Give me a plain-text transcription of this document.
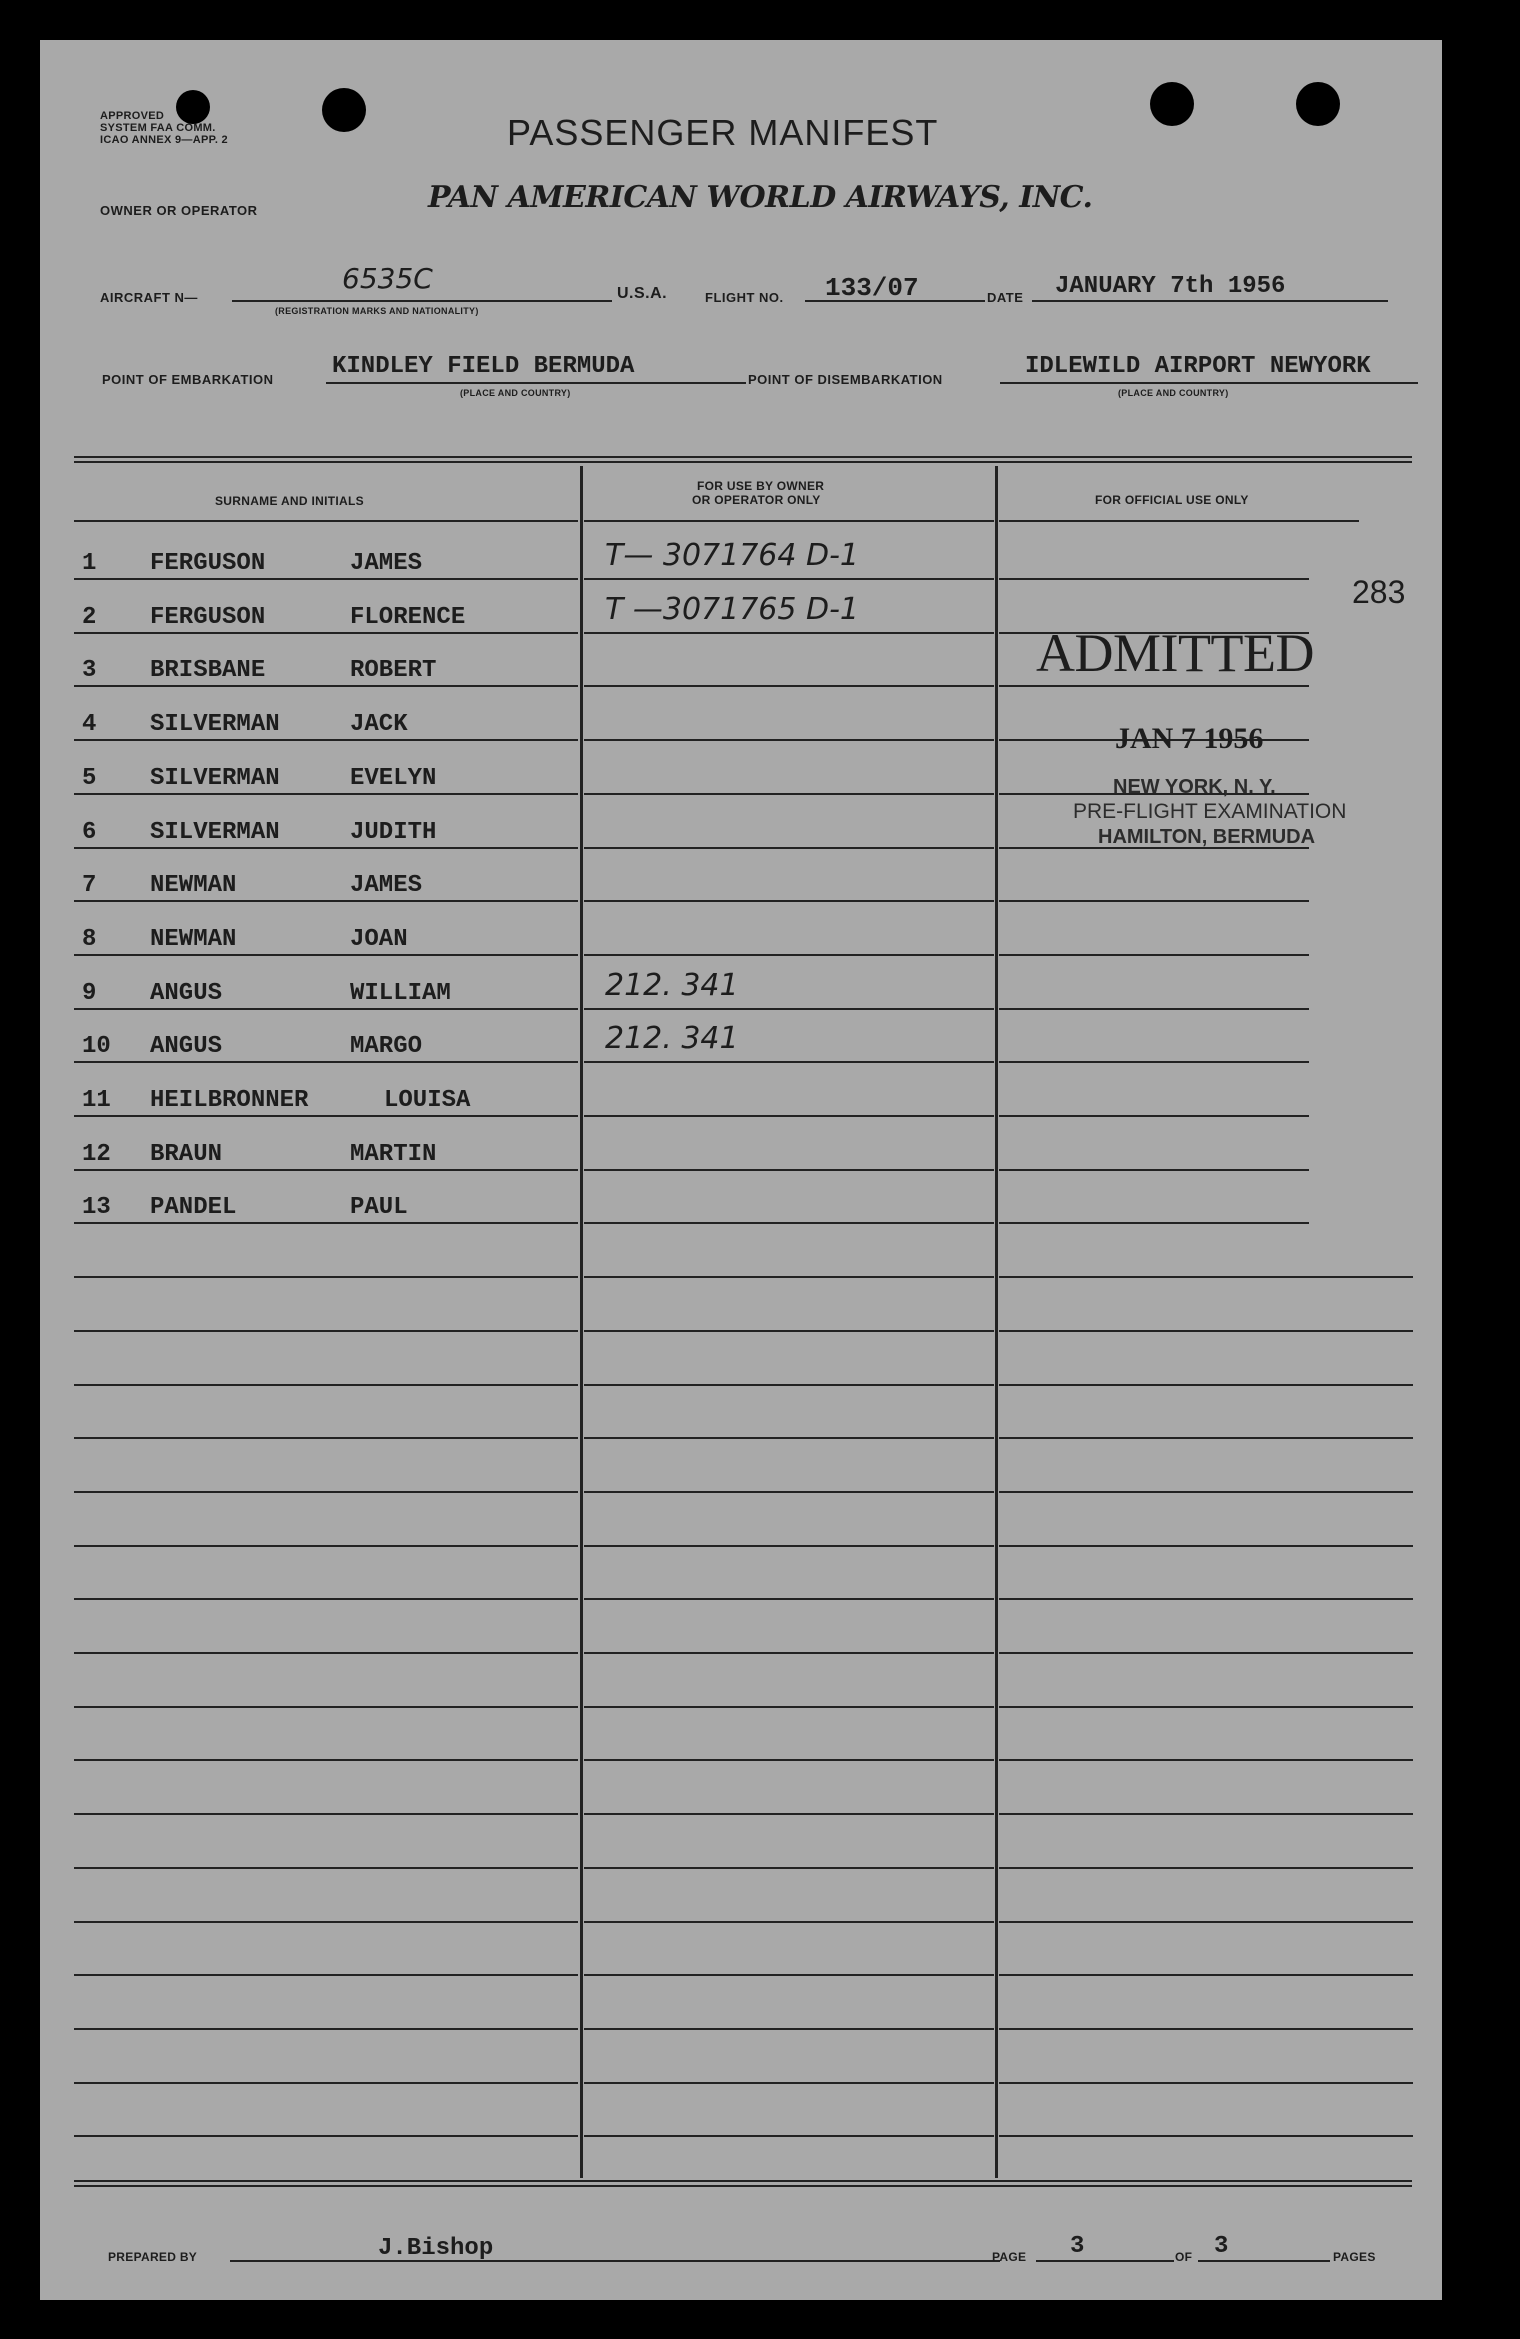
APPROVED
SYSTEM FAA COMM.
ICAO ANNEX 9—APP. 2	PASSENGER MANIFEST
OWNER OR OPERATOR	PAN AMERICAN WORLD AIRWAYS, INC.
AIRCRAFT N—
6535C
(REGISTRATION MARKS AND NATIONALITY)
U.S.A.	FLIGHT NO. 133/07	DATE JANUARY 7th 1956
POINT OF EMBARKATION KINDLEY FIELD BERMUDA
(PLACE AND COUNTRY)
POINT OF DISEMBARKATION	IDLEWILD AIRPORT NEWYORK
(PLACE AND COUNTRY)
SURNAME AND INITIALS
FOR USE BY OWNER
OR OPERATOR ONLY	FOR OFFICIAL USE ONLY
1 FERGUSON	JAMES	T— 3071764 D-1
2 FERGUSON	FLORENCE	T —3071765 D-1
3 BRISBANE	ROBERT
4 SILVERMAN	JACK
5 SILVERMAN	EVELYN
6 SILVERMAN	JUDITH
7 NEWMAN	JAMES
8 NEWMAN	JOAN
9 ANGUS	WILLIAM	212. 341
10 ANGUS	MARGO	212. 341
11 HEILBRONNER	LOUISA
12 BRAUN	MARTIN
13 PANDEL	PAUL
283
ADMITTED
JAN 7 1956
NEW YORK, N. Y.
PRE-FLIGHT EXAMINATION
HAMILTON, BERMUDA
PREPARED BY	J.Bishop	PAGE 3	OF 3	PAGES
